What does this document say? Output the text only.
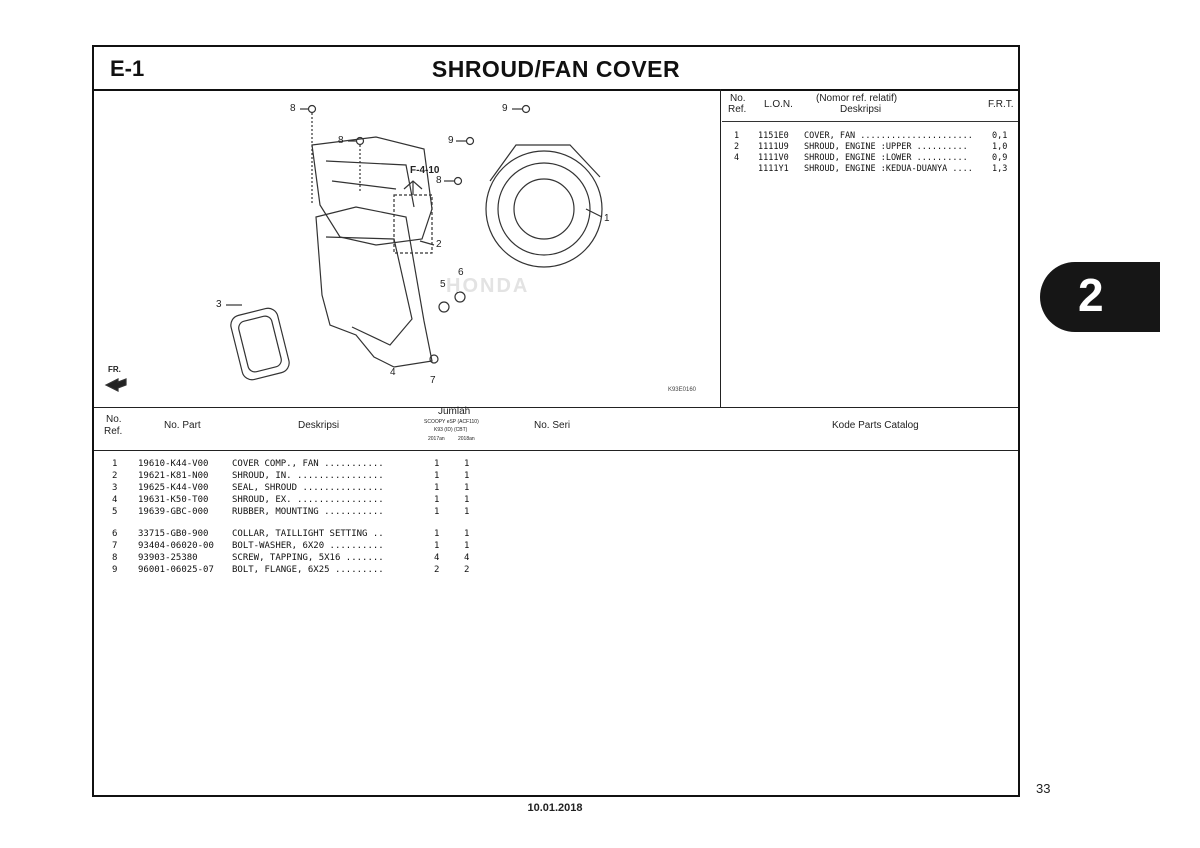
E-1	SHROUD/FAN COVER
HONDA
F-4-10
FR.
8
8
9
9
1
8
2
3
5
6
4
7
K93E0160
No.
Ref. L.O.N.
(Nomor ref. relatif)
Deskripsi	F.R.T.
1 1151E0 COVER, FAN ...................... 0,1
2 1111U9 SHROUD, ENGINE :UPPER ..........	1,0
4 1111V0 SHROUD, ENGINE :LOWER ..........	0,9
1111Y1 SHROUD, ENGINE :KEDUA-DUANYA .... 1,3
No.
Ref.
No. Part	Deskripsi
Jumlah
SCOOPY eSP (ACF110)
K93 (ID) (CBT)
2017an	2018an
No. Seri	Kode Parts Catalog
1 19610-K44-V00	COVER COMP., FAN ...........	1	1
2 19621-K81-N00	SHROUD, IN. ................	1	1
3 19625-K44-V00	SEAL, SHROUD ...............	1	1
4 19631-K50-T00	SHROUD, EX. ................	1	1
5 19639-GBC-000	RUBBER, MOUNTING ...........	1	1
6 33715-GB0-900	COLLAR, TAILLIGHT SETTING ..	1	1
7 93404-06020-00 BOLT-WASHER, 6X20 ..........	1	1
8 93903-25380	SCREW, TAPPING, 5X16 .......	4	4
9 96001-06025-07 BOLT, FLANGE, 6X25 .........	2	2
2
33
10.01.2018
